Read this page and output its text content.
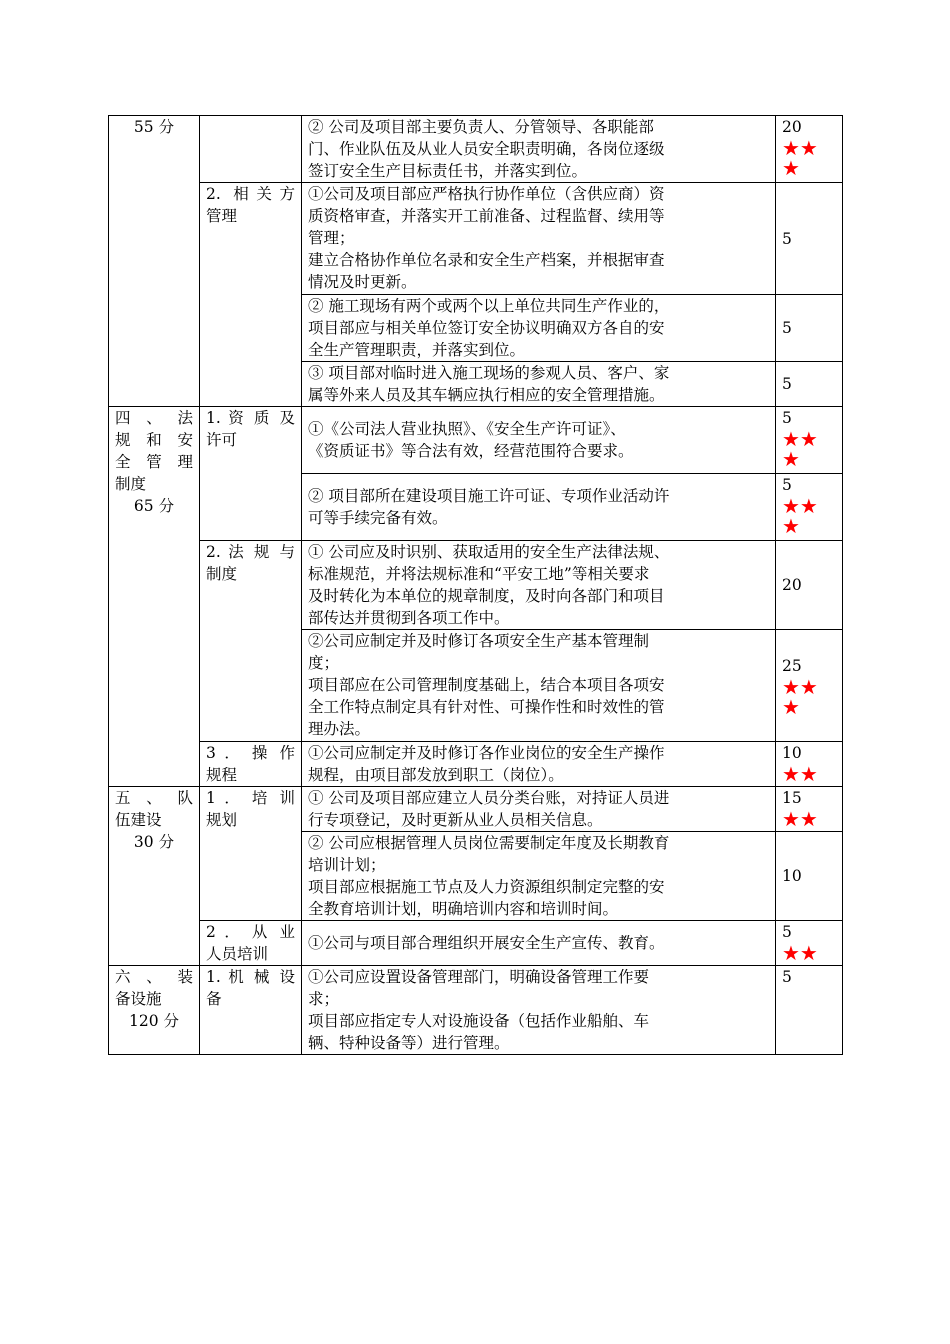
55 分		② 公司及项目部主要负责人、分管领导、各职能部
门、作业队伍及从业人员安全职责明确，各岗位逐级
签订安全生产目标责任书，并落实到位。	20
★★
★

	2. 相关方
管理	①公司及项目部应严格执行协作单位（含供应商）资
质资格审查，并落实开工前准备、过程监督、续用等
管理；
建立合格协作单位名录和安全生产档案，并根据审查
情况及时更新。	5

		② 施工现场有两个或两个以上单位共同生产作业的，
项目部应与相关单位签订安全协议明确双方各自的安
全生产管理职责，并落实到位。	5

		③ 项目部对临时进入施工现场的参观人员、客户、家
属等外来人员及其车辆应执行相应的安全管理措施。	5

四 、 法
规 和 安
全 管 理
制度
65 分	1. 资 质 及
许可	①《公司法人营业执照》、《安全生产许可证》、
《资质证书》等合法有效，经营范围符合要求。	5
★★
★

		② 项目部所在建设项目施工许可证、专项作业活动许
可等手续完备有效。	5
★★
★

	2. 法 规 与
制度	① 公司应及时识别、获取适用的安全生产法律法规、
标准规范，并将法规标准和“平安工地”等相关要求
及时转化为本单位的规章制度，及时向各部门和项目
部传达并贯彻到各项工作中。	20

		②公司应制定并及时修订各项安全生产基本管理制
度；
项目部应在公司管理制度基础上，结合本项目各项安
全工作特点制定具有针对性、可操作性和时效性的管
理办法。	25
★★
★

	3 ． 操 作
规程	①公司应制定并及时修订各作业岗位的安全生产操作
规程，由项目部发放到职工（岗位）。	10
★★

五 、 队
伍建设
30 分	1 ． 培 训
规划	① 公司及项目部应建立人员分类台账，对持证人员进
行专项登记，及时更新从业人员相关信息。	15
★★

		② 公司应根据管理人员岗位需要制定年度及长期教育
培训计划；
项目部应根据施工节点及人力资源组织制定完整的安
全教育培训计划，明确培训内容和培训时间。	10

	2 ． 从 业
人员培训	①公司与项目部合理组织开展安全生产宣传、教育。	5
★★

六 、 装
备设施
120 分	1. 机 械 设
备	①公司应设置设备管理部门，明确设备管理工作要
求；
项目部应指定专人对设施设备（包括作业船舶、车
辆、特种设备等）进行管理。	5
